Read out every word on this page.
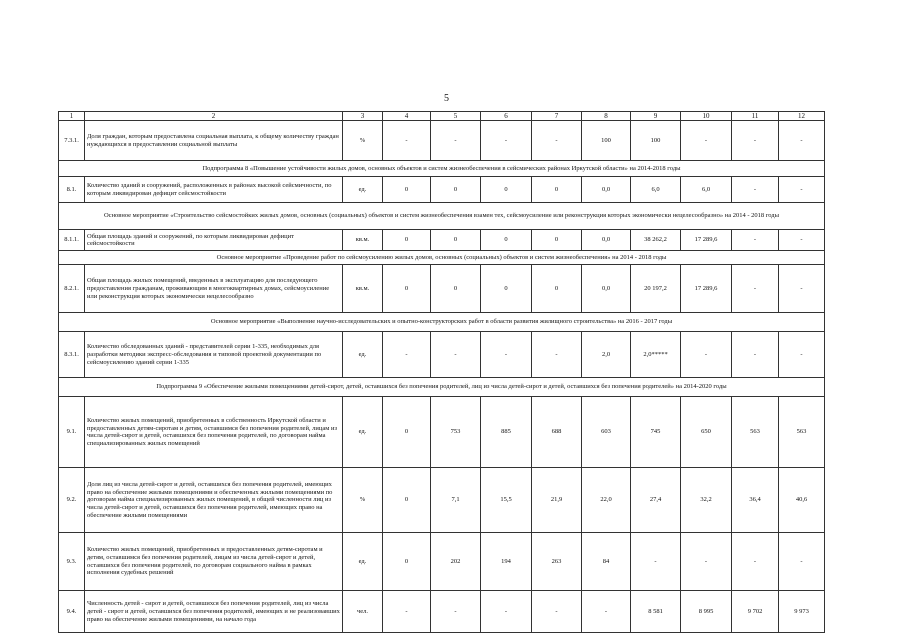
5
1	2	3	4	5	6	7	8	9	10	11	12
7.3.1.	Доля граждан, которым предоставлена социальная выплата, к общему количеству граждан нуждающихся в предоставлении социальной выплаты	%	-	-	-	-	100	100	-	-	-
Подпрограмма 8 «Повышение устойчивости жилых домов, основных объектов и систем жизнеобеспечения в сейсмических районах Иркутской области» на 2014-2018 годы											
8.1.	Количество зданий и сооружений, расположенных в районах высокой сейсмичности, по которым ликвидирован дефицит сейсмостойкости	ед.	0	0	0	0	0,0	6,0	6,0	-	-
Основное мероприятие «Строительство сейсмостойких жилых домов, основных (социальных) объектов и систем жизнеобеспечения взамен тех, сейсмоусиление или реконструкция которых экономически нецелесообразно» на 2014 - 2018 годы											
8.1.1.	Общая площадь зданий и сооружений, по которым ликвидирован дефицит сейсмостойкости	кв.м.	0	0	0	0	0,0	38 262,2	17 289,6	-	-
Основное мероприятие «Проведение работ по сейсмоусилению жилых домов, основных (социальных) объектов и систем жизнеобеспечения» на 2014 - 2018 годы											
8.2.1.	Общая площадь жилых помещений, введенных в эксплуатацию для последующего предоставления гражданам, проживающим в многоквартирных домах, сейсмоусиление или реконструкция которых экономически нецелесообразно	кв.м.	0	0	0	0	0,0	20 197,2	17 289,6	-	-
Основное мероприятие «Выполнение научно-исследовательских и опытно-конструкторских работ в области развития жилищного строительства» на 2016 - 2017 годы											
8.3.1.	Количество обследованных зданий - представителей серии 1-335, необходимых для разработки методики экспресс-обследования и типовой проектной документации по сейсмоусилению зданий серии 1-335	ед.	-	-	-	-	2,0	2,0*****	-	-	-
Подпрограмма 9 «Обеспечение жилыми помещениями детей-сирот, детей, оставшихся без попечения родителей, лиц из числа детей-сирот и детей, оставшихся без попечения родителей» на 2014-2020 годы											
9.1.	Количество жилых помещений, приобретенных в собственность Иркутской области и предоставленных детям-сиротам и детям, оставшимся без попечения родителей, лицам из числа детей-сирот и детей, оставшихся без попечения родителей, по договорам найма специализированных жилых помещений	ед.	0	753	885	688	603	745	650	563	563
9.2.	Доля лиц из числа детей-сирот и детей, оставшихся без попечения родителей, имеющих право на обеспечение жилыми помещениями и обеспеченных жилыми помещениями по договорам найма специализированных жилых помещений, в общей численности лиц из числа детей-сирот и детей, оставшихся без попечения родителей, имеющих право на обеспечение жилыми помещениями	%	0	7,1	15,5	21,9	22,0	27,4	32,2	36,4	40,6
9.3.	Количество жилых помещений, приобретенных и предоставленных детям-сиротам и детям, оставшимся без попечения родителей, лицам из числа детей-сирот и детей, оставшихся без попечения родителей, по договорам социального найма в рамках исполнения судебных решений	ед.	0	202	194	263	84	-	-	-	-
9.4.	Численность детей - сирот и детей, оставшихся без попечения родителей, лиц из числа детей - сирот и детей, оставшихся без попечения родителей, имеющих и не реализовавших право на обеспечение жилыми помещениями, на начало года	чел.	-	-	-	-	-	8 581	8 995	9 702	9 973
